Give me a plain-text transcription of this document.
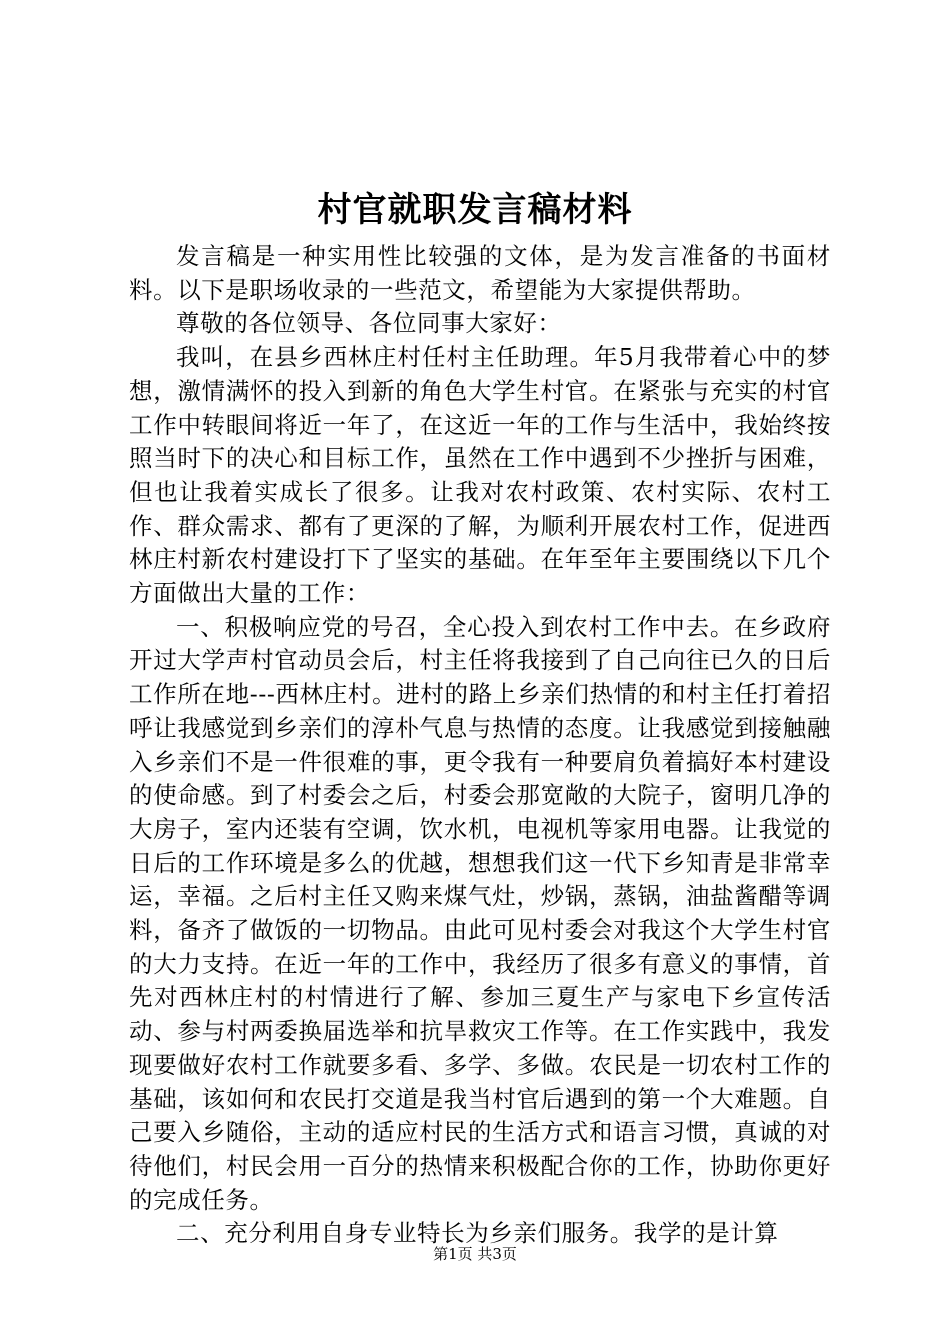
村官就职发言稿材料

发言稿是一种实用性比较强的文体，是为发言准备的书面材料。以下是职场收录的一些范文，希望能为大家提供帮助。

尊敬的各位领导、各位同事大家好：

我叫，在县乡西林庄村任村主任助理。年5月我带着心中的梦想，激情满怀的投入到新的角色大学生村官。在紧张与充实的村官工作中转眼间将近一年了，在这近一年的工作与生活中，我始终按照当时下的决心和目标工作，虽然在工作中遇到不少挫折与困难，但也让我着实成长了很多。让我对农村政策、农村实际、农村工作、群众需求、都有了更深的了解，为顺利开展农村工作，促进西林庄村新农村建设打下了坚实的基础。在年至年主要围绕以下几个方面做出大量的工作：

一、积极响应党的号召，全心投入到农村工作中去。在乡政府开过大学声村官动员会后，村主任将我接到了自己向往已久的日后工作所在地---西林庄村。进村的路上乡亲们热情的和村主任打着招呼让我感觉到乡亲们的淳朴气息与热情的态度。让我感觉到接触融入乡亲们不是一件很难的事，更令我有一种要肩负着搞好本村建设的使命感。到了村委会之后，村委会那宽敞的大院子，窗明几净的大房子，室内还装有空调，饮水机，电视机等家用电器。让我觉的日后的工作环境是多么的优越，想想我们这一代下乡知青是非常幸运，幸福。之后村主任又购来煤气灶，炒锅，蒸锅，油盐酱醋等调料，备齐了做饭的一切物品。由此可见村委会对我这个大学生村官的大力支持。在近一年的工作中，我经历了很多有意义的事情，首先对西林庄村的村情进行了解、参加三夏生产与家电下乡宣传活动、参与村两委换届选举和抗旱救灾工作等。在工作实践中，我发现要做好农村工作就要多看、多学、多做。农民是一切农村工作的基础，该如何和农民打交道是我当村官后遇到的第一个大难题。自己要入乡随俗，主动的适应村民的生活方式和语言习惯，真诚的对待他们，村民会用一百分的热情来积极配合你的工作，协助你更好的完成任务。

二、充分利用自身专业特长为乡亲们服务。我学的是计算

第1页 共3页
